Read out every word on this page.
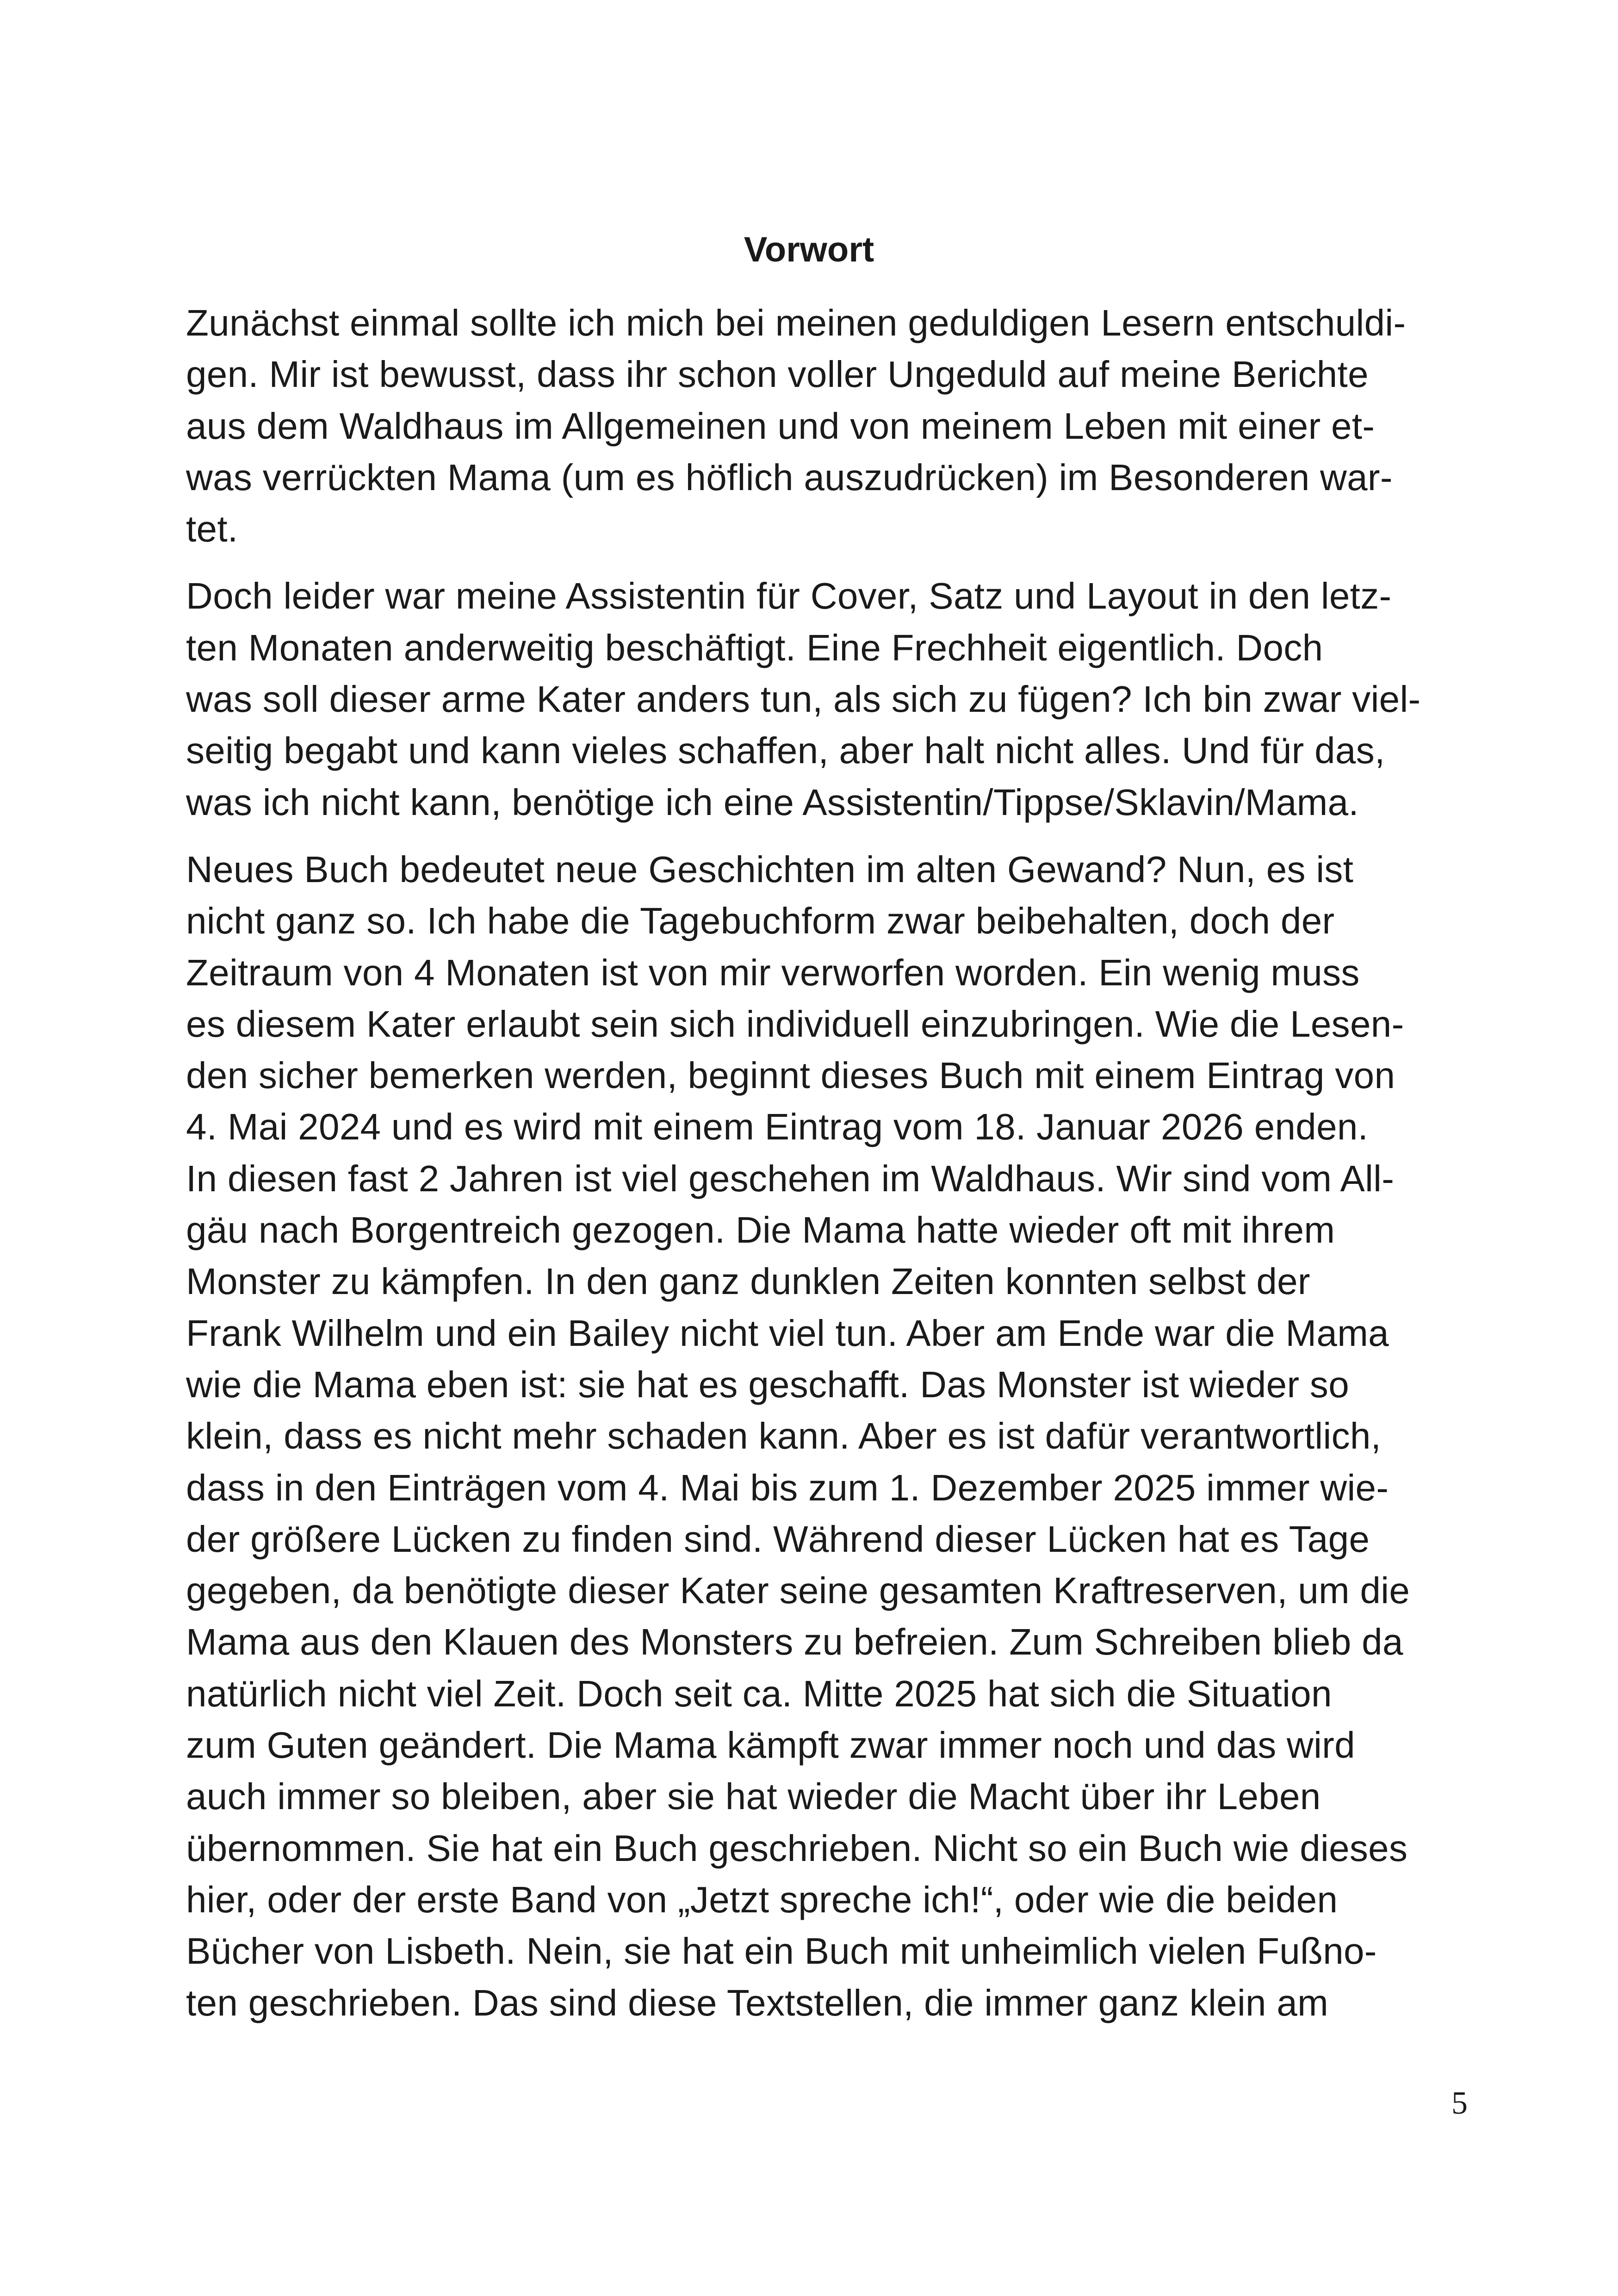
Vorwort

Zunächst einmal sollte ich mich bei meinen geduldigen Lesern entschuldi-
gen. Mir ist bewusst, dass ihr schon voller Ungeduld auf meine Berichte
aus dem Waldhaus im Allgemeinen und von meinem Leben mit einer et-
was verrückten Mama (um es höflich auszudrücken) im Besonderen war-
tet.

Doch leider war meine Assistentin für Cover, Satz und Layout in den letz-
ten Monaten anderweitig beschäftigt. Eine Frechheit eigentlich. Doch
was soll dieser arme Kater anders tun, als sich zu fügen? Ich bin zwar viel-
seitig begabt und kann vieles schaffen, aber halt nicht alles. Und für das,
was ich nicht kann, benötige ich eine Assistentin/Tippse/Sklavin/Mama.

Neues Buch bedeutet neue Geschichten im alten Gewand? Nun, es ist
nicht ganz so. Ich habe die Tagebuchform zwar beibehalten, doch der
Zeitraum von 4 Monaten ist von mir verworfen worden. Ein wenig muss
es diesem Kater erlaubt sein sich individuell einzubringen. Wie die Lesen-
den sicher bemerken werden, beginnt dieses Buch mit einem Eintrag von
4. Mai 2024 und es wird mit einem Eintrag vom 18. Januar 2026 enden.
In diesen fast 2 Jahren ist viel geschehen im Waldhaus. Wir sind vom All-
gäu nach Borgentreich gezogen. Die Mama hatte wieder oft mit ihrem
Monster zu kämpfen. In den ganz dunklen Zeiten konnten selbst der
Frank Wilhelm und ein Bailey nicht viel tun. Aber am Ende war die Mama
wie die Mama eben ist: sie hat es geschafft. Das Monster ist wieder so
klein, dass es nicht mehr schaden kann. Aber es ist dafür verantwortlich,
dass in den Einträgen vom 4. Mai bis zum 1. Dezember 2025 immer wie-
der größere Lücken zu finden sind. Während dieser Lücken hat es Tage
gegeben, da benötigte dieser Kater seine gesamten Kraftreserven, um die
Mama aus den Klauen des Monsters zu befreien. Zum Schreiben blieb da
natürlich nicht viel Zeit. Doch seit ca. Mitte 2025 hat sich die Situation
zum Guten geändert. Die Mama kämpft zwar immer noch und das wird
auch immer so bleiben, aber sie hat wieder die Macht über ihr Leben
übernommen. Sie hat ein Buch geschrieben. Nicht so ein Buch wie dieses
hier, oder der erste Band von „Jetzt spreche ich!“, oder wie die beiden
Bücher von Lisbeth. Nein, sie hat ein Buch mit unheimlich vielen Fußno-
ten geschrieben. Das sind diese Textstellen, die immer ganz klein am

5
